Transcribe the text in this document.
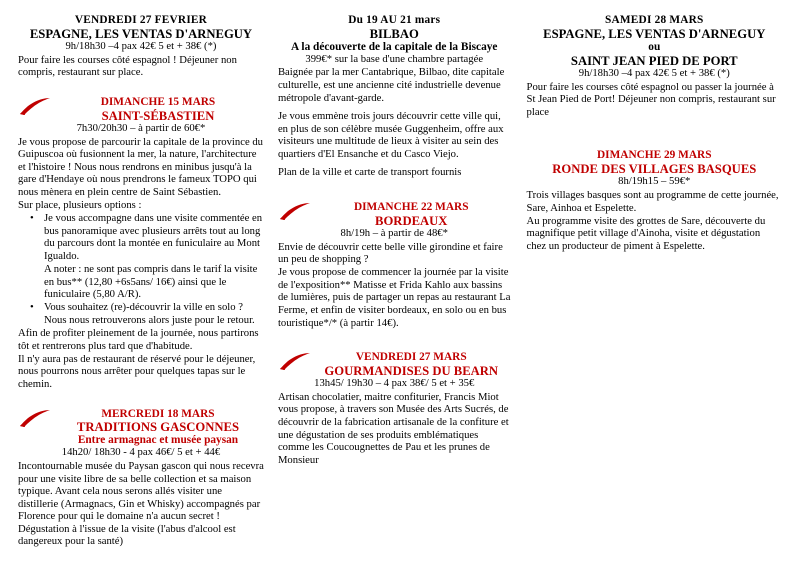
VENDREDI 27 FEVRIER
ESPAGNE, LES VENTAS D'ARNEGUY
9h/18h30 –4 pax 42€ 5 et + 38€ (*)

Pour faire les courses côté espagnol ! Déjeuner non compris, restaurant sur place.

DIMANCHE 15 MARS
SAINT-SÉBASTIEN
7h30/20h30 – à partir de 60€*

Je vous propose de parcourir la capitale de la province du Guipuscoa où fusionnent la mer, la nature, l'architecture et l'histoire ! Nous nous rendrons en minibus jusqu'à la gare d'Hendaye où nous prendrons le fameux TOPO qui nous mènera en plein centre de Saint Sébastien.

Sur place, plusieurs options :

• Je vous accompagne dans une visite commentée en bus panoramique avec plusieurs arrêts tout au long du parcours dont la montée en funiculaire au Mont Igualdo.
A noter : ne sont pas compris dans le tarif la visite en bus** (12,80 +6s5ans/ 16€) ainsi que le funiculaire (5,80 A/R).
• Vous souhaitez (re)-découvrir la ville en solo ? Nous nous retrouverons alors juste pour le retour.

Afin de profiter pleinement de la journée, nous partirons tôt et rentrerons plus tard que d'habitude.

Il n'y aura pas de restaurant de réservé pour le déjeuner, nous pourrons nous arrêter pour quelques tapas sur le chemin.

MERCREDI 18 MARS
TRADITIONS GASCONNES
Entre armagnac et musée paysan
14h20/ 18h30 - 4 pax 46€/ 5 et + 44€

Incontournable musée du Paysan gascon qui nous recevra pour une visite libre de sa belle collection et sa maison typique. Avant cela nous serons allés visiter une distillerie (Armagnacs, Gin et Whisky) accompagnés par Florence pour qui le domaine n'a aucun secret ! Dégustation à l'issue de la visite (l'abus d'alcool est dangereux pour la santé)

Du 19 AU 21 mars
BILBAO
A la découverte de la capitale de la Biscaye
399€* sur la base d'une chambre partagée

Baignée par la mer Cantabrique, Bilbao, dite capitale culturelle, est une ancienne cité industrielle devenue métropole d'avant-garde.

Je vous emmène trois jours découvrir cette ville qui, en plus de son célèbre musée Guggenheim, offre aux visiteurs une multitude de lieux à visiter au sein des quartiers d'El Ensanche et du Casco Viejo.

Plan de la ville et carte de transport fournis

DIMANCHE 22 MARS
BORDEAUX
8h/19h – à partir de 48€*

Envie de découvrir cette belle ville girondine et faire un peu de shopping ?

Je vous propose de commencer la journée par la visite de l'exposition** Matisse et Frida Kahlo aux bassins de lumières, puis de partager un repas au restaurant La Ferme, et enfin de visiter bordeaux, en solo ou en bus touristique*/* (à partir 14€).

VENDREDI 27 MARS
GOURMANDISES DU BEARN
13h45/ 19h30 – 4 pax 38€/ 5 et + 35€

Artisan chocolatier, maitre confiturier, Francis Miot vous propose, à travers son Musée des Arts Sucrés, de découvrir de la fabrication artisanale de la confiture et une dégustation de ses produits emblématiques comme les Coucougnettes de Pau et les prunes de Monsieur

SAMEDI 28 MARS
ESPAGNE, LES VENTAS D'ARNEGUY
ou
SAINT JEAN PIED DE PORT
9h/18h30 –4 pax 42€ 5 et + 38€ (*)

Pour faire les courses côté espagnol ou passer la journée à St Jean Pied de Port! Déjeuner non compris, restaurant sur place

DIMANCHE 29 MARS
RONDE DES VILLAGES BASQUES
8h/19h15 – 59€*

Trois villages basques sont au programme de cette journée, Sare, Ainhoa et Espelette.

Au programme visite des grottes de Sare, découverte du magnifique petit village d'Ainoha, visite et dégustation chez un producteur de piment à Espelette.
